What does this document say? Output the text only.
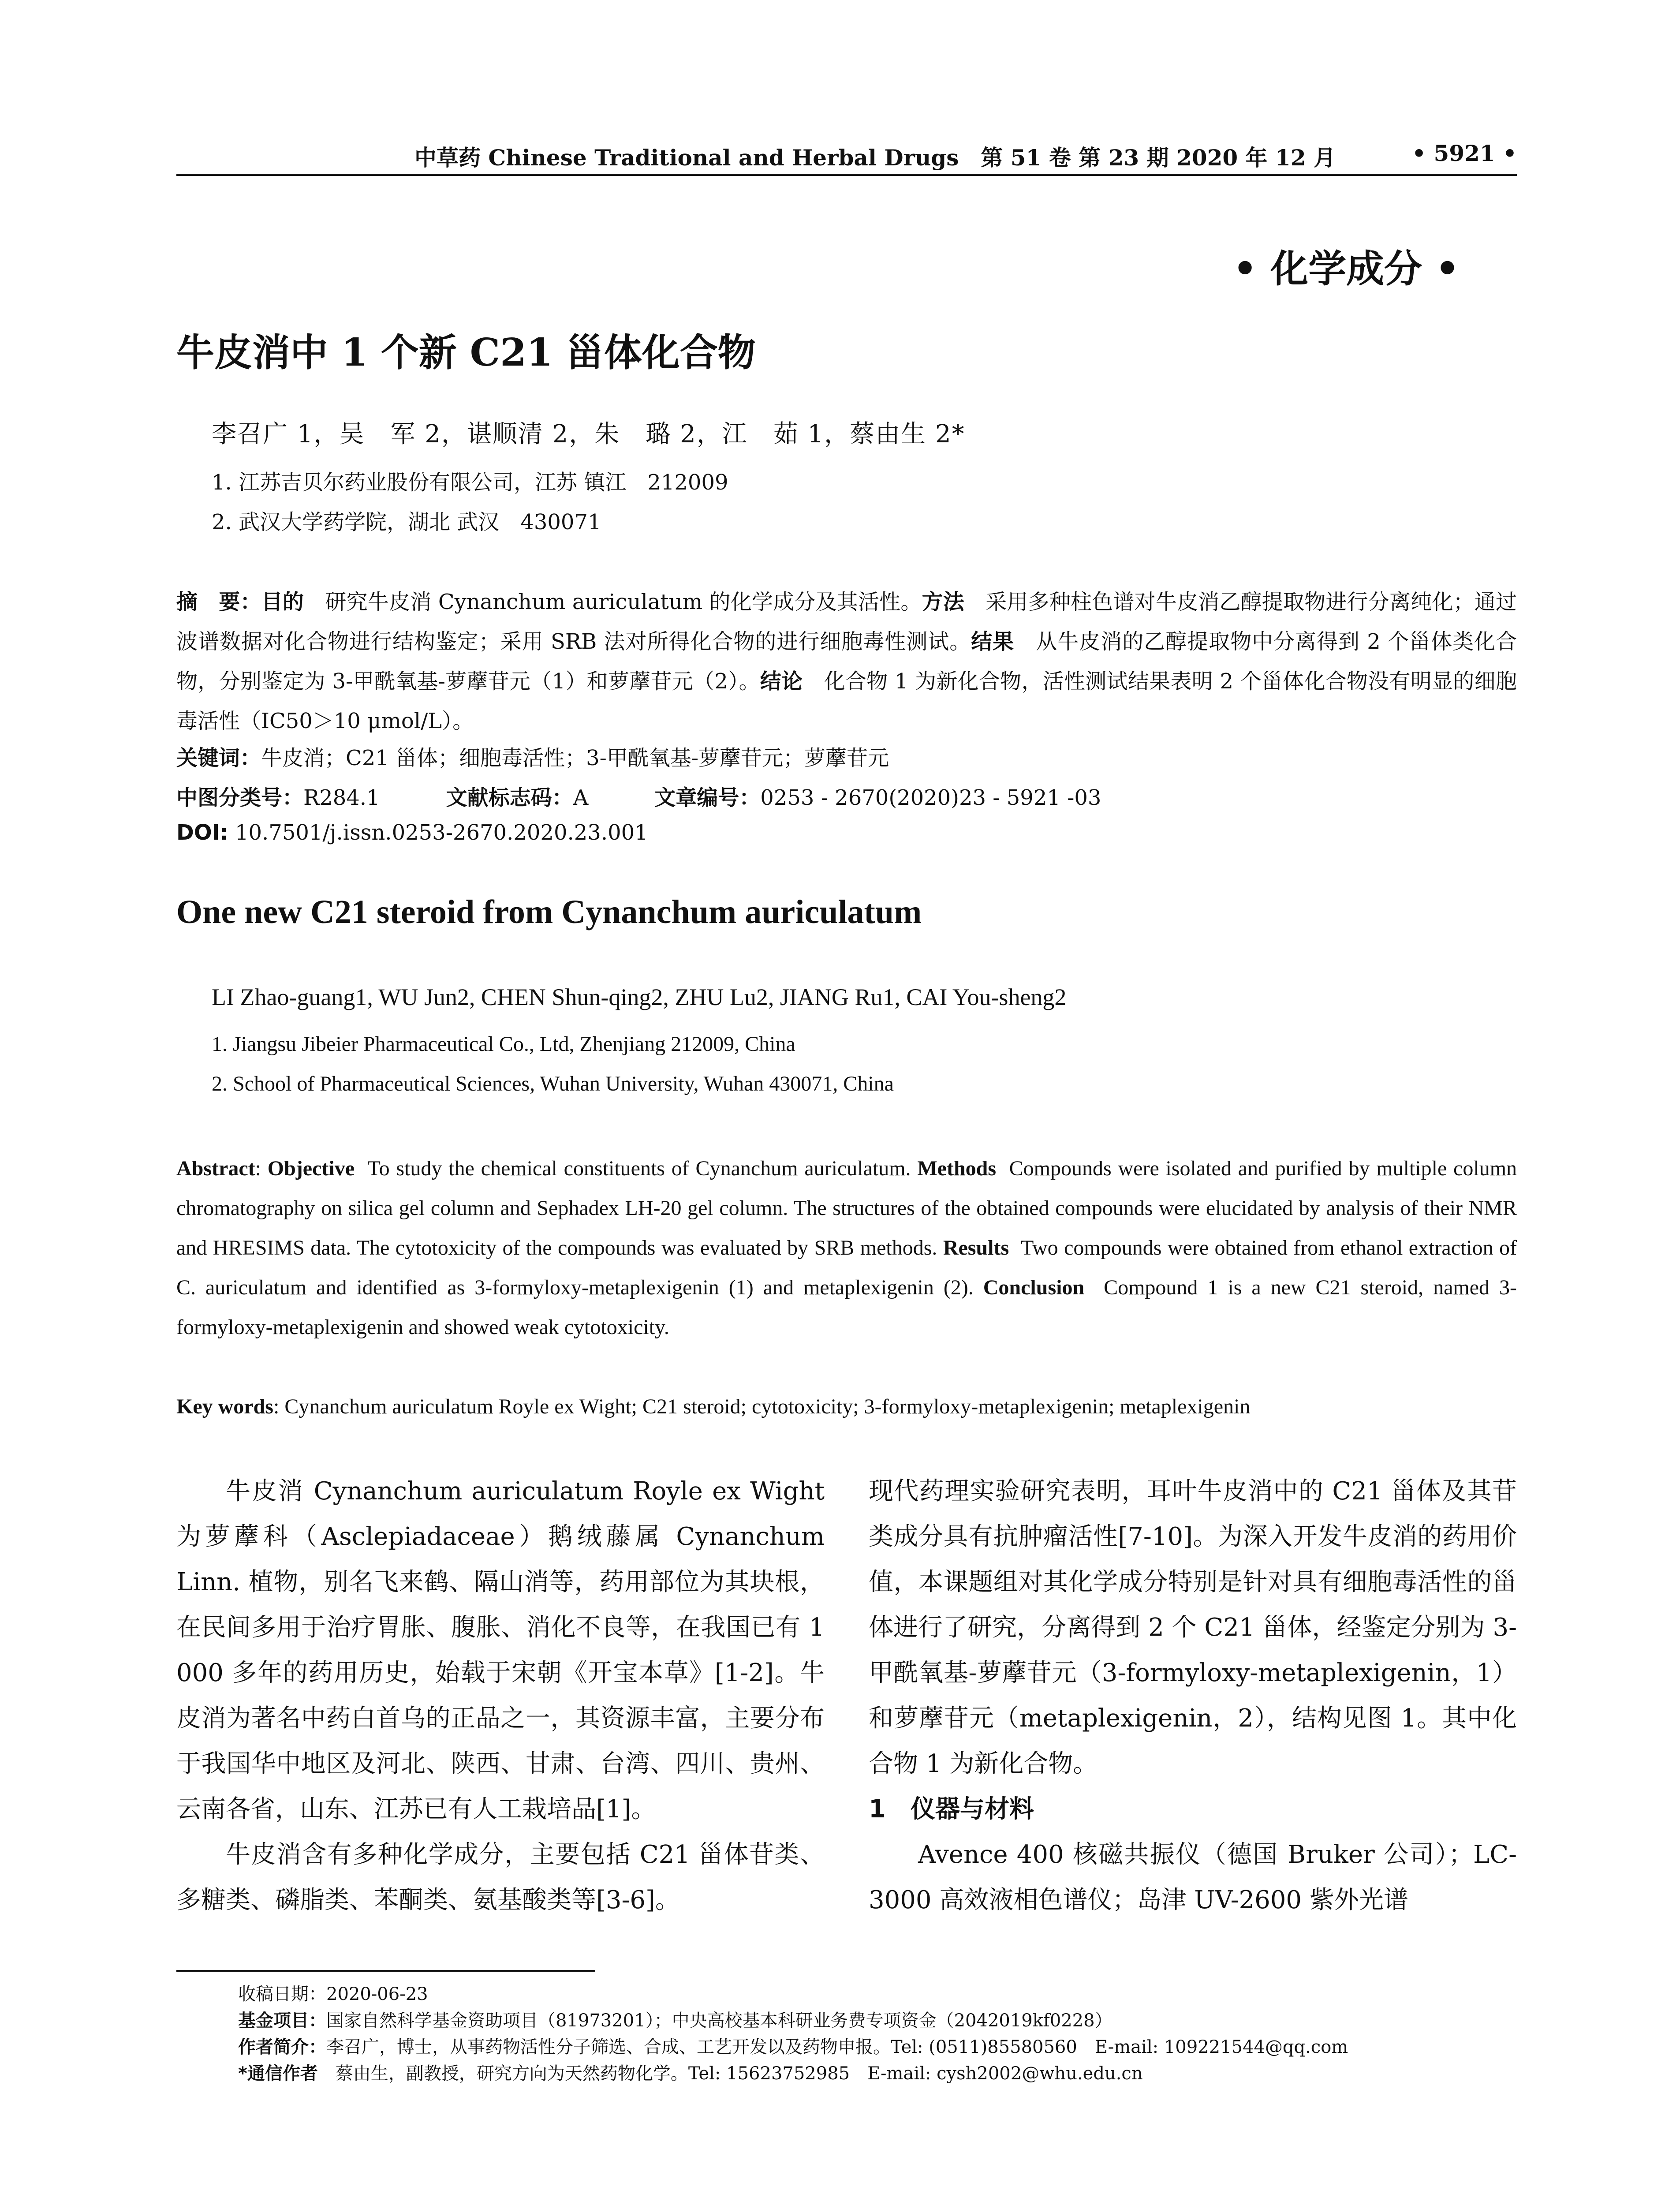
中草药 Chinese Traditional and Herbal Drugs　第 51 卷 第 23 期 2020 年 12 月	• 5921 •
• 化学成分 •
牛皮消中 1 个新 C21 甾体化合物
李召广 1，吴　军 2，谌顺清 2，朱　璐 2，江　茹 1，蔡由生 2*
1. 江苏吉贝尔药业股份有限公司，江苏 镇江　212009
2. 武汉大学药学院，湖北 武汉　430071
摘　要：目的　 研究牛皮消 Cynanchum auriculatum 的化学成分及其活性。方法　 采用多种柱色谱对牛皮消乙醇提取物进行分离纯化；通过波谱数据对化合物进行结构鉴定；采用 SRB 法对所得化合物的进行细胞毒性测试。结果　 从牛皮消的乙醇提取物中分离得到 2 个甾体类化合物，分别鉴定为 3-甲酰氧基-萝藦苷元（1）和萝藦苷元（2）。结论　 化合物 1 为新化合物，活性测试结果表明 2 个甾体化合物没有明显的细胞毒活性（IC50＞10 μmol/L）。
关键词：牛皮消；C21 甾体；细胞毒活性；3-甲酰氧基-萝藦苷元；萝藦苷元
中图分类号：R284.1	文献标志码：A	文章编号：0253 - 2670(2020)23 - 5921 -03
DOI: 10.7501/j.issn.0253-2670.2020.23.001
One new C21 steroid from Cynanchum auriculatum
LI Zhao-guang1, WU Jun2, CHEN Shun-qing2, ZHU Lu2, JIANG Ru1, CAI You-sheng2
1. Jiangsu Jibeier Pharmaceutical Co., Ltd, Zhenjiang 212009, China
2. School of Pharmaceutical Sciences, Wuhan University, Wuhan 430071, China
Abstract: Objective To study the chemical constituents of Cynanchum auriculatum. Methods Compounds were isolated and purified by multiple column chromatography on silica gel column and Sephadex LH-20 gel column. The structures of the obtained compounds were elucidated by analysis of their NMR and HRESIMS data. The cytotoxicity of the compounds was evaluated by SRB methods. Results Two compounds were obtained from ethanol extraction of C. auriculatum and identified as 3-formyloxy-metaplexigenin (1) and metaplexigenin (2). Conclusion Compound 1 is a new C21 steroid, named 3-formyloxy-metaplexigenin and showed weak cytotoxicity.
Key words: Cynanchum auriculatum Royle ex Wight; C21 steroid; cytotoxicity; 3-formyloxy-metaplexigenin; metaplexigenin

牛皮消 Cynanchum auriculatum Royle ex Wight 为萝藦科（Asclepiadaceae）鹅绒藤属 Cynanchum Linn. 植物，别名飞来鹤、隔山消等，药用部位为其块根，在民间多用于治疗胃胀、腹胀、消化不良等，在我国已有 1 000 多年的药用历史，始载于宋朝《开宝本草》[1-2]。牛皮消为著名中药白首乌的正品之一，其资源丰富，主要分布于我国华中地区及河北、陕西、甘肃、台湾、四川、贵州、云南各省，山东、江苏已有人工栽培品[1]。

牛皮消含有多种化学成分，主要包括 C21 甾体苷类、多糖类、磷脂类、苯酮类、氨基酸类等[3-6]。

现代药理实验研究表明，耳叶牛皮消中的 C21 甾体及其苷类成分具有抗肿瘤活性[7-10]。为深入开发牛皮消的药用价值，本课题组对其化学成分特别是针对具有细胞毒活性的甾体进行了研究，分离得到 2 个 C21 甾体，经鉴定分别为 3-甲酰氧基-萝藦苷元（3-formyloxy-metaplexigenin，1）和萝藦苷元（metaplexigenin，2），结构见图 1。其中化合物 1 为新化合物。

1　仪器与材料

Avence 400 核磁共振仪（德国 Bruker 公司）；LC-3000 高效液相色谱仪；岛津 UV-2600 紫外光谱

收稿日期：2020-06-23
基金项目：国家自然科学基金资助项目（81973201）；中央高校基本科研业务费专项资金（2042019kf0228）
作者简介：李召广，博士，从事药物活性分子筛选、合成、工艺开发以及药物申报。Tel: (0511)85580560　E-mail: 109221544@qq.com
*通信作者　 蔡由生，副教授，研究方向为天然药物化学。Tel: 15623752985　E-mail: cysh2002@whu.edu.cn
